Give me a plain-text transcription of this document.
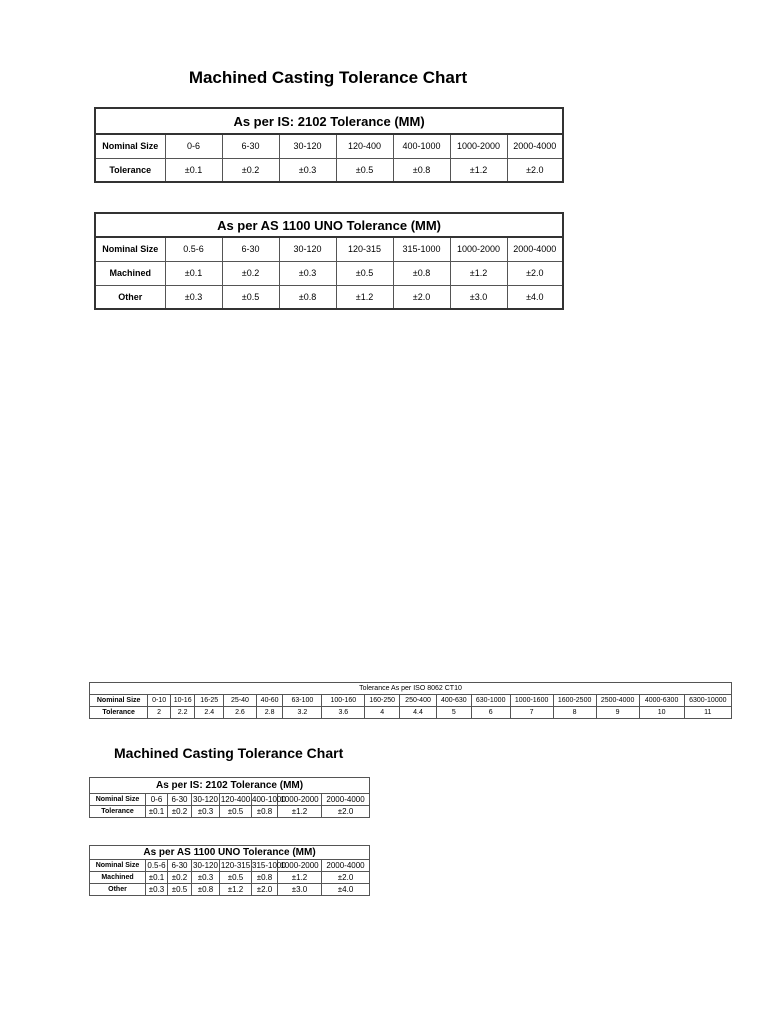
Machined Casting Tolerance Chart
As per IS: 2102 Tolerance (MM)							
Nominal Size	0-6	6-30	30-120	120-400	400-1000	1000-2000	2000-4000
Tolerance	±0.1	±0.2	±0.3	±0.5	±0.8	±1.2	±2.0
As per AS 1100 UNO Tolerance (MM)							
Nominal Size	0.5-6	6-30	30-120	120-315	315-1000	1000-2000	2000-4000
Machined	±0.1	±0.2	±0.3	±0.5	±0.8	±1.2	±2.0
Other	±0.3	±0.5	±0.8	±1.2	±2.0	±3.0	±4.0
Tolerance As per ISO 8062 CT10																
Nominal Size	0-10	10-16	16-25	25-40	40-60	63-100	100-160	160-250	250-400	400-630	630-1000	1000-1600	1600-2500	2500-4000	4000-6300	6300-10000
Tolerance	2	2.2	2.4	2.6	2.8	3.2	3.6	4	4.4	5	6	7	8	9	10	11
Machined Casting Tolerance Chart
As per IS: 2102 Tolerance (MM)							
Nominal Size	0-6	6-30	30-120	120-400	400-1000	1000-2000	2000-4000
Tolerance	±0.1	±0.2	±0.3	±0.5	±0.8	±1.2	±2.0
As per AS 1100 UNO Tolerance (MM)							
Nominal Size	0.5-6	6-30	30-120	120-315	315-1000	1000-2000	2000-4000
Machined	±0.1	±0.2	±0.3	±0.5	±0.8	±1.2	±2.0
Other	±0.3	±0.5	±0.8	±1.2	±2.0	±3.0	±4.0
